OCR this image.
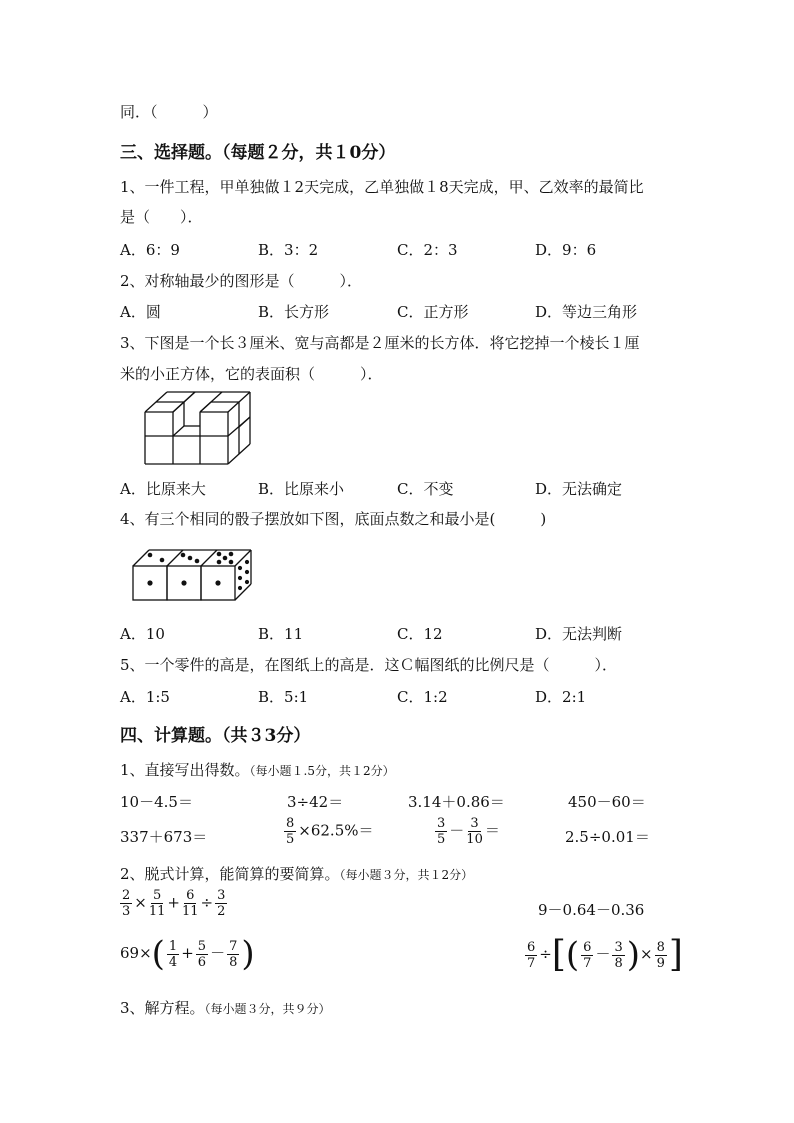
同．（　　　）
三、选择题。（每题２分，共１0分）
1、一件工程，甲单独做１2天完成，乙单独做１8天完成，甲、乙效率的最简比
是（　　）．
A．6：9	B．3：2	C．2：3	D．9：6
2、对称轴最少的图形是（　　　）．
A．圆	B．长方形	C．正方形	D．等边三角形
3、下图是一个长３厘米、宽与高都是２厘米的长方体．将它挖掉一个棱长１厘
米的小正方体，它的表面积（　　　）．
A．比原来大	B．比原来小	C．不变	D．无法确定
4、有三个相同的骰子摆放如下图，底面点数之和最小是(　　　)
A．10	B．11	C．12	D．无法判断
5、一个零件的高是，在图纸上的高是．这Ｃ幅图纸的比例尺是（　　　）．
A．1:5	B．5:1	C．1:2	D．2:1
四、计算题。（共３3分）
1、直接写出得数。（每小题１.5分，共１2分）
10－4.5＝	3÷42＝	3.14＋0.86＝	450－60＝
337＋673＝	$\frac{8}{5} \times 62.5\%=$	$\frac{3}{5} - \frac{3}{10}$ ＝	2.5÷0.01＝
2、脱式计算，能简算的要简算。（每小题３分，共１2分）
$\frac{2}{3} \times \frac{5}{11} + \frac{6}{11} \div \frac{3}{2}$	9－0.64－0.36
$69\times( \frac{1}{4} + \frac{5}{6} - \frac{7}{8}$ )	$\frac{6}{7}$ ÷[( $\frac{6}{7} - \frac{3}{8}$ )× $\frac{8}{9}$ ]
3、解方程。（每小题３分，共９分）
